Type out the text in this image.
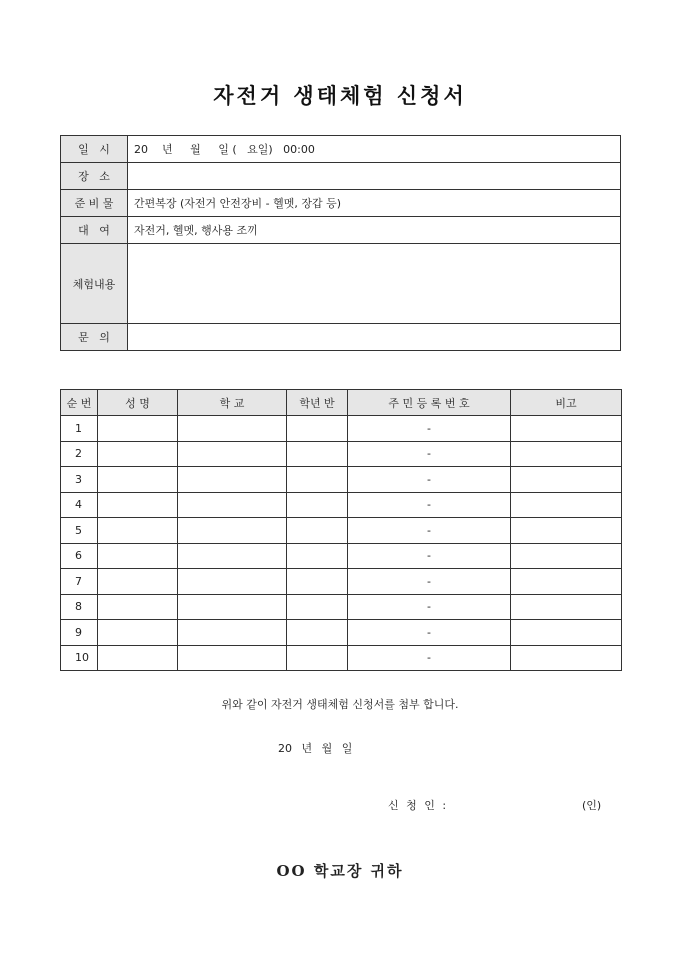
자전거 생태체험 신청서
일   시	20    년     월     일 (   요일)   00:00
장   소	
준 비 물	간편복장 (자전거 안전장비 - 헬멧, 장갑 등)
대   여	자전거, 헬멧, 행사용 조끼
체험내용	
문   의	
순 번	성 명	학 교	학년 반	주 민 등 록 번 호	비고
1				-	
2				-	
3				-	
4				-	
5				-	
6				-	
7				-	
8				-	
9				-	
10				-	
위와 같이 자전거 생태체험 신청서를 첨부 합니다.
20 년 월 일
신 청 인 :	(인)
OO 학교장 귀하
